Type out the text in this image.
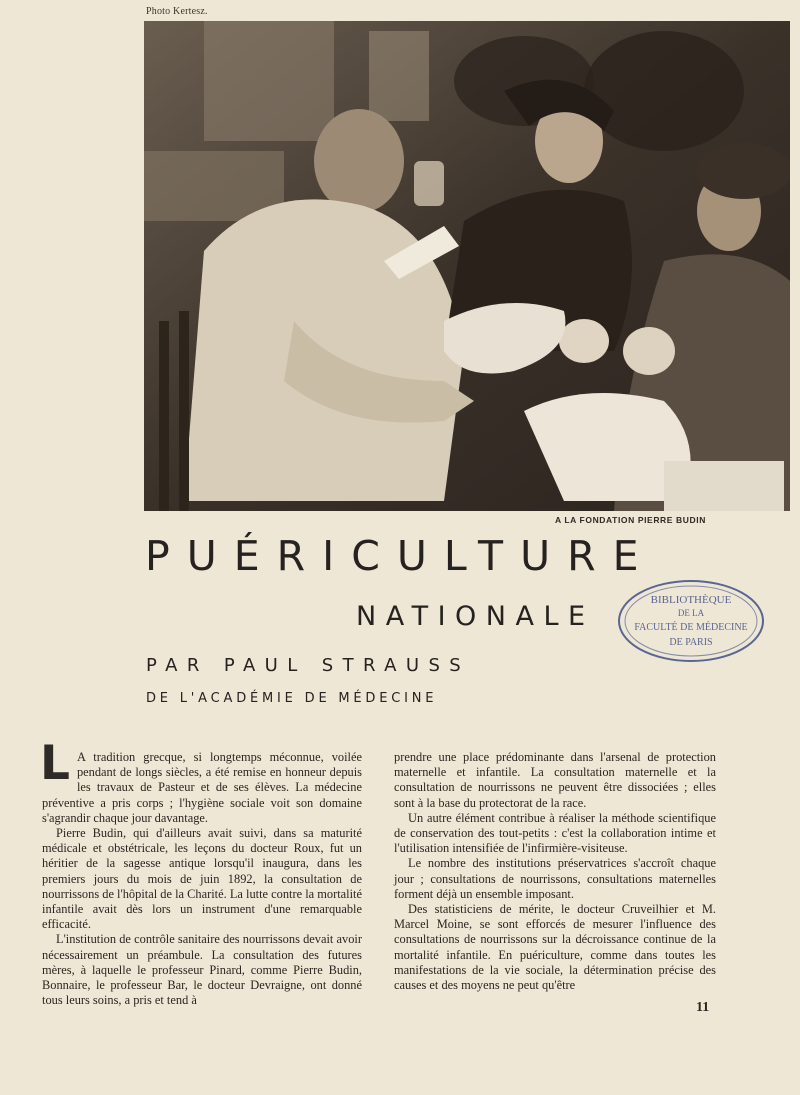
Photo Kertesz.
A LA FONDATION PIERRE BUDIN
PUÉRICULTURE
NATIONALE
PAR PAUL STRAUSS
DE L'ACADÉMIE DE MÉDECINE
BIBLIOTHÈQUE
DE LA
FACULTÉ DE MÉDECINE
DE PARIS

L A tradition grecque, si longtemps méconnue, voilée pendant de longs siècles, a été remise en honneur depuis les travaux de Pasteur et de ses élèves. La médecine préventive a pris corps ; l'hygiène sociale voit son domaine s'agrandir chaque jour davantage.

Pierre Budin, qui d'ailleurs avait suivi, dans sa maturité médicale et obstétricale, les leçons du docteur Roux, fut un héritier de la sagesse antique lorsqu'il inaugura, dans les premiers jours du mois de juin 1892, la consultation de nourrissons de l'hôpital de la Charité. La lutte contre la mortalité infantile avait dès lors un instrument d'une remarquable efficacité.

L'institution de contrôle sanitaire des nourrissons devait avoir nécessairement un préambule. La consultation des futures mères, à laquelle le professeur Pinard, comme Pierre Budin, Bonnaire, le professeur Bar, le docteur Devraigne, ont donné tous leurs soins, a pris et tend à

prendre une place prédominante dans l'arsenal de protection maternelle et infantile. La consultation maternelle et la consultation de nourrissons ne peuvent être dissociées ; elles sont à la base du protectorat de la race.

Un autre élément contribue à réaliser la méthode scientifique de conservation des tout-petits : c'est la collaboration intime et l'utilisation intensifiée de l'infirmière-visiteuse.

Le nombre des institutions préservatrices s'accroît chaque jour ; consultations de nourrissons, consultations maternelles forment déjà un ensemble imposant.

Des statisticiens de mérite, le docteur Cruveilhier et M. Marcel Moine, se sont efforcés de mesurer l'influence des consultations de nourrissons sur la décroissance continue de la mortalité infantile. En puériculture, comme dans toutes les manifestations de la vie sociale, la détermination précise des causes et des moyens ne peut qu'être

11
